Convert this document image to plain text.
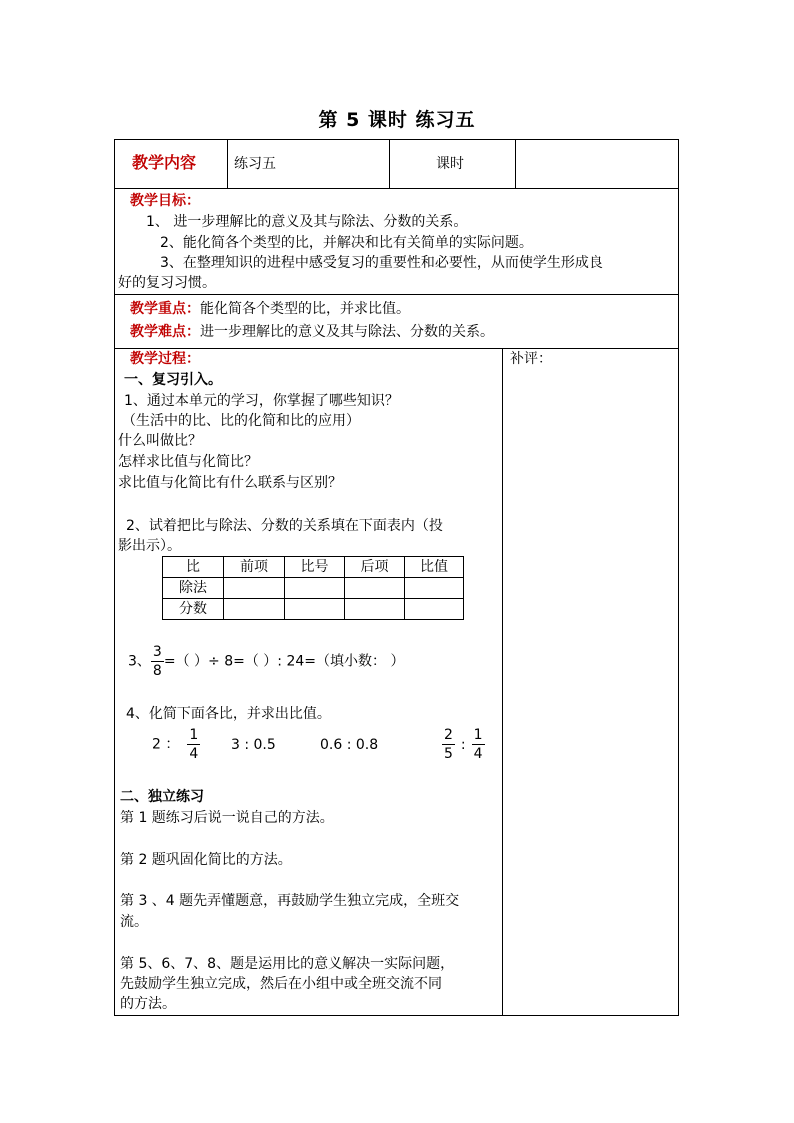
第 5 课时 练习五
教学内容	练习五	课时
教学目标：
1、 进一步理解比的意义及其与除法、分数的关系。
2、能化简各个类型的比，并解决和比有关简单的实际问题。
3、在整理知识的进程中感受复习的重要性和必要性，从而使学生形成良
好的复习习惯。
教学重点：能化简各个类型的比，并求比值。
教学难点：进一步理解比的意义及其与除法、分数的关系。
教学过程：
一、复习引入。
1、通过本单元的学习，你掌握了哪些知识？
（生活中的比、比的化简和比的应用）
什么叫做比？
怎样求比值与化简比？
求比值与化简比有什么联系与区别？
2、试着把比与除法、分数的关系填在下面表内（投
影出示）。
比	前项	比号	后项	比值
除法				
分数				
3、 $\frac{3}{8}$ =（ ）÷ 8=（ ）: 24=（填小数： ）
4、化简下面各比，并求出比值。
2 ： $\frac{1}{4} 3$ : 0.5	0.6 : 0.8	$\frac{2}{5}$ : $\frac{1}{4}$
二、独立练习
第 1 题练习后说一说自己的方法。
第 2 题巩固化简比的方法。
第 3 、4 题先弄懂题意，再鼓励学生独立完成，全班交
流。
第 5、6、7、8、题是运用比的意义解决一实际问题，
先鼓励学生独立完成，然后在小组中或全班交流不同
的方法。
补评：
